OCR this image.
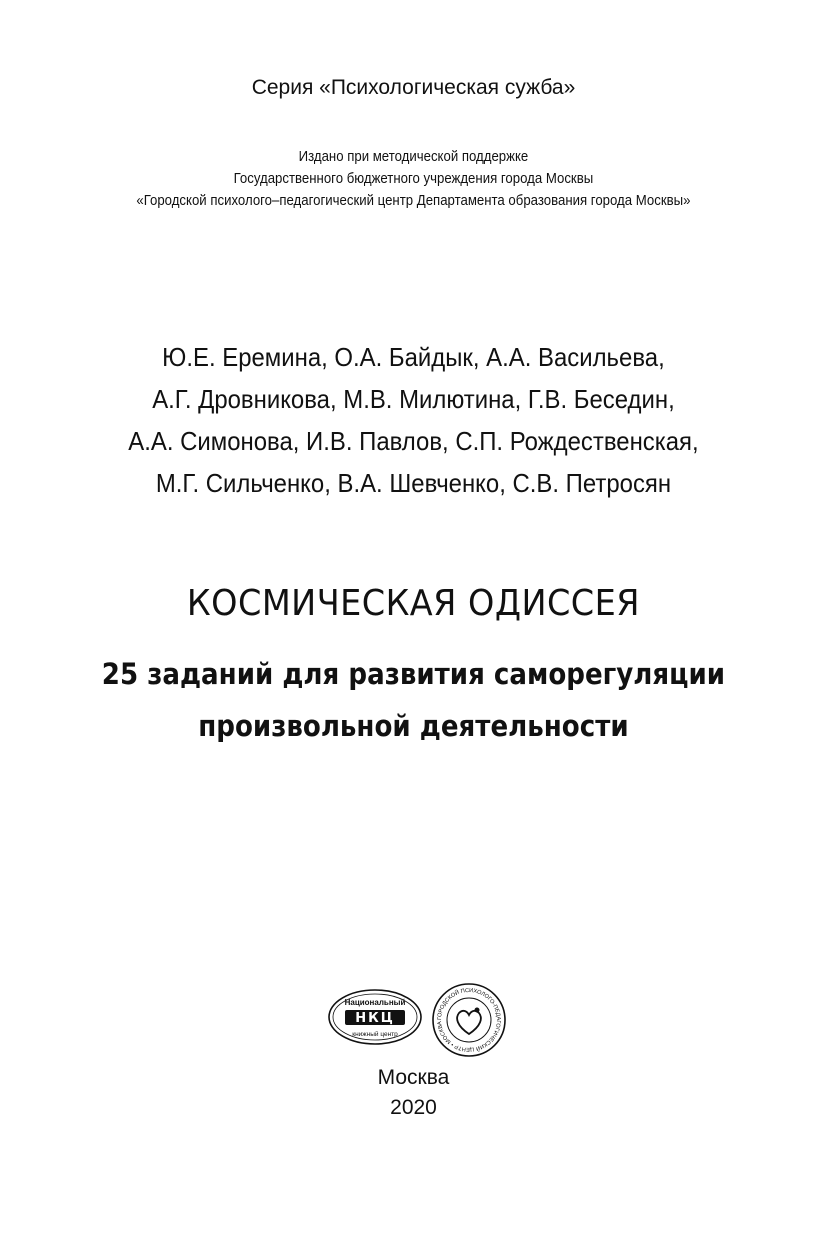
Серия «Психологическая сужба»
Издано при методической поддержке
Государственного бюджетного учреждения города Москвы
«Городской психолого–педагогический центр Департамента образования города Москвы»
Ю.Е. Еремина, О.А. Байдык, А.А. Васильева,
А.Г. Дровникова, М.В. Милютина, Г.В. Беседин,
А.А. Симонова, И.В. Павлов, С.П. Рождественская,
М.Г. Сильченко, В.А. Шевченко, С.В. Петросян
КОСМИЧЕСКАЯ ОДИССЕЯ
25 заданий для развития саморегуляции
произвольной деятельности
Национальный
НКЦ
книжный центр
ГОРОДСКОЙ ПСИХОЛОГО-ПЕДАГОГИЧЕСКИЙ ЦЕНТР • МОСКВА
Москва
2020
